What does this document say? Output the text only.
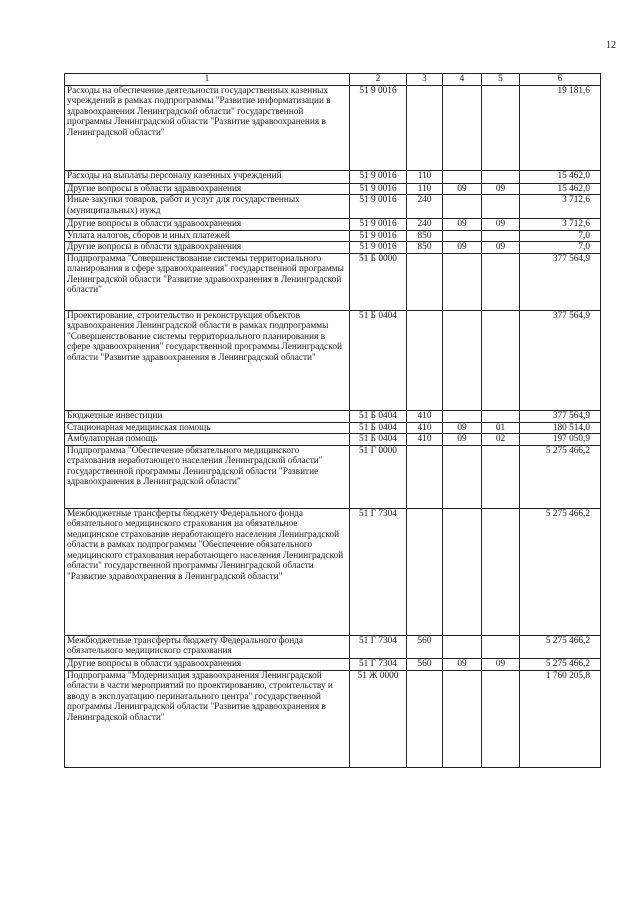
12
1	2	3	4	5	6
Расходы на обеспечение деятельности государственных казенных учреждений в рамках подпрограммы "Развитие информатизации в здравоохранении Ленинградской области" государственной программы Ленинградской области "Развитие здравоохранения в Ленинградской области"	51 9 0016				19 181,6
Расходы на выплаты персоналу казенных учреждений	51 9 0016	110			15 462,0
Другие вопросы в области здравоохранения	51 9 0016	110	09	09	15 462,0
Иные закупки товаров, работ и услуг для государственных (муниципальных) нужд	51 9 0016	240			3 712,6
Другие вопросы в области здравоохранения	51 9 0016	240	09	09	3 712,6
Уплата налогов, сборов и иных платежей	51 9 0016	850			7,0
Другие вопросы в области здравоохранения	51 9 0016	850	09	09	7,0
Подпрограмма "Совершенствование системы территориального планирования в сфере здравоохранения" государственной программы Ленинградской области "Развитие здравоохранения в Ленинградской области"	51 Б 0000				377 564,9
Проектирование, строительство и реконструкция объектов здравоохранения Ленинградской области в рамках подпрограммы "Совершенствование системы территориального планирования в сфере здравоохранения" государственной программы Ленинградской области "Развитие здравоохранения в Ленинградской области"	51 Б 0404				377 564,9
Бюджетные инвестиции	51 Б 0404	410			377 564,9
Стационарная медицинская помощь	51 Б 0404	410	09	01	180 514,0
Амбулаторная помощь	51 Б 0404	410	09	02	197 050,9
Подпрограмма "Обеспечение обязательного медицинского страхования неработающего населения Ленинградской области" государственной программы Ленинградской области "Развитие здравоохранения в Ленинградской области"	51 Г 0000				5 275 466,2
Межбюджетные трансферты бюджету Федерального фонда обязательного медицинского страхования на обязательное медицинское страхование неработающего населения Ленинградской области в рамках подпрограммы "Обеспечение обязательного медицинского страхования неработающего населения Ленинградской области" государственной программы Ленинградской области "Развитие здравоохранения в Ленинградской области"	51 Г 7304				5 275 466,2
Межбюджетные трансферты бюджету Федерального фонда обязательного медицинского страхования	51 Г 7304	560			5 275 466,2
Другие вопросы в области здравоохранения	51 Г 7304	560	09	09	5 275 466,2
Подпрограмма "Модернизация здравоохранения Ленинградской области в части мероприятий по проектированию, строительству и вводу в эксплуатацию перинатального центра" государственной программы Ленинградской области "Развитие здравоохранения в Ленинградской области"	51 Ж 0000				1 760 205,8
